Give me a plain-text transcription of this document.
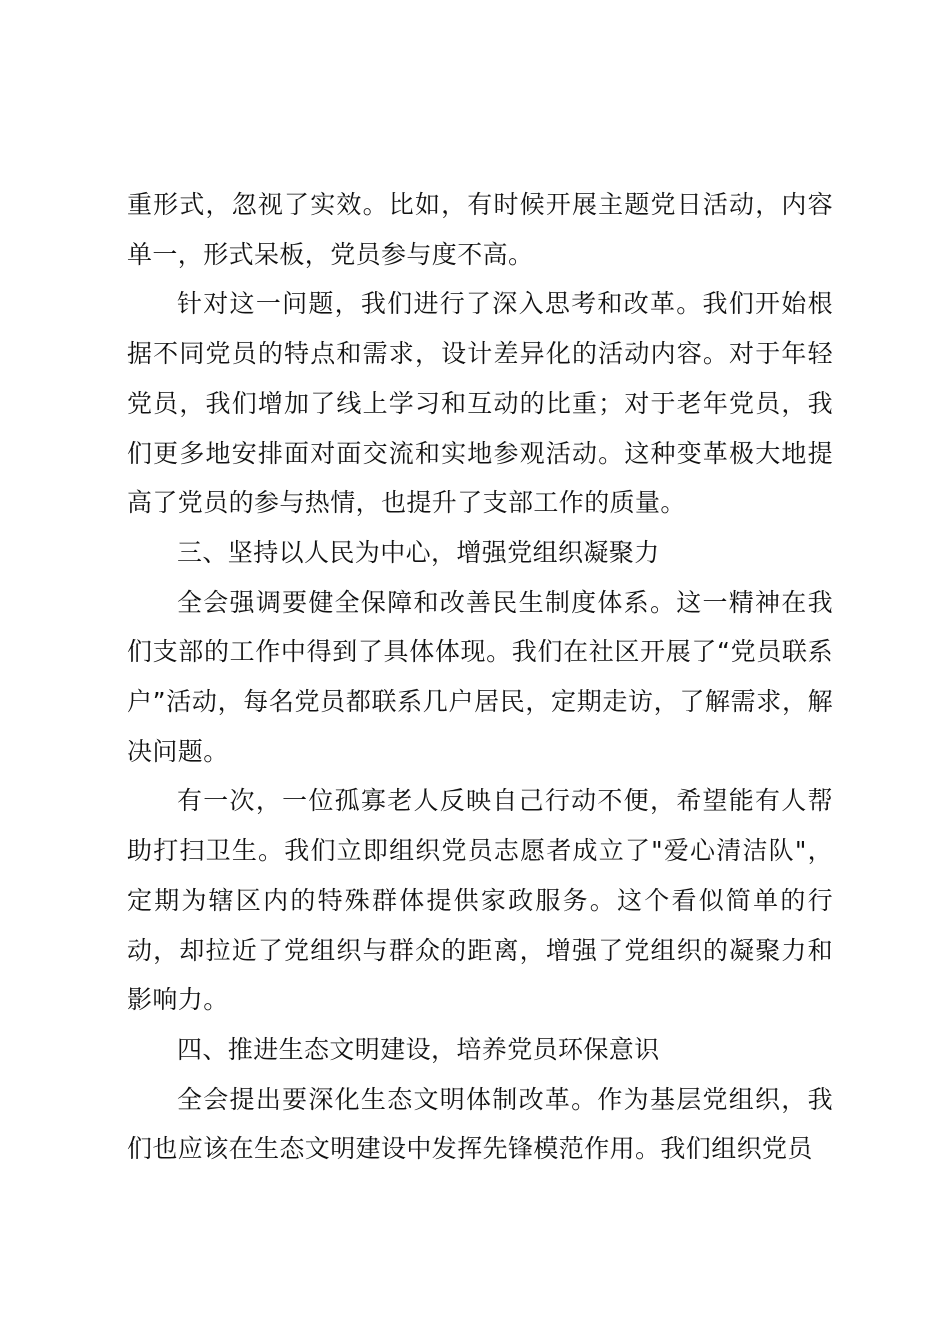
重形式，忽视了实效。比如，有时候开展主题党日活动，内容单一，形式呆板，党员参与度不高。

针对这一问题，我们进行了深入思考和改革。我们开始根据不同党员的特点和需求，设计差异化的活动内容。对于年轻党员，我们增加了线上学习和互动的比重；对于老年党员，我们更多地安排面对面交流和实地参观活动。这种变革极大地提高了党员的参与热情，也提升了支部工作的质量。

三、坚持以人民为中心，增强党组织凝聚力

全会强调要健全保障和改善民生制度体系。这一精神在我们支部的工作中得到了具体体现。我们在社区开展了“党员联系户”活动，每名党员都联系几户居民，定期走访，了解需求，解决问题。

有一次，一位孤寡老人反映自己行动不便，希望能有人帮助打扫卫生。我们立即组织党员志愿者成立了"爱心清洁队"，定期为辖区内的特殊群体提供家政服务。这个看似简单的行动，却拉近了党组织与群众的距离，增强了党组织的凝聚力和影响力。

四、推进生态文明建设，培养党员环保意识

全会提出要深化生态文明体制改革。作为基层党组织，我们也应该在生态文明建设中发挥先锋模范作用。我们组织党员
